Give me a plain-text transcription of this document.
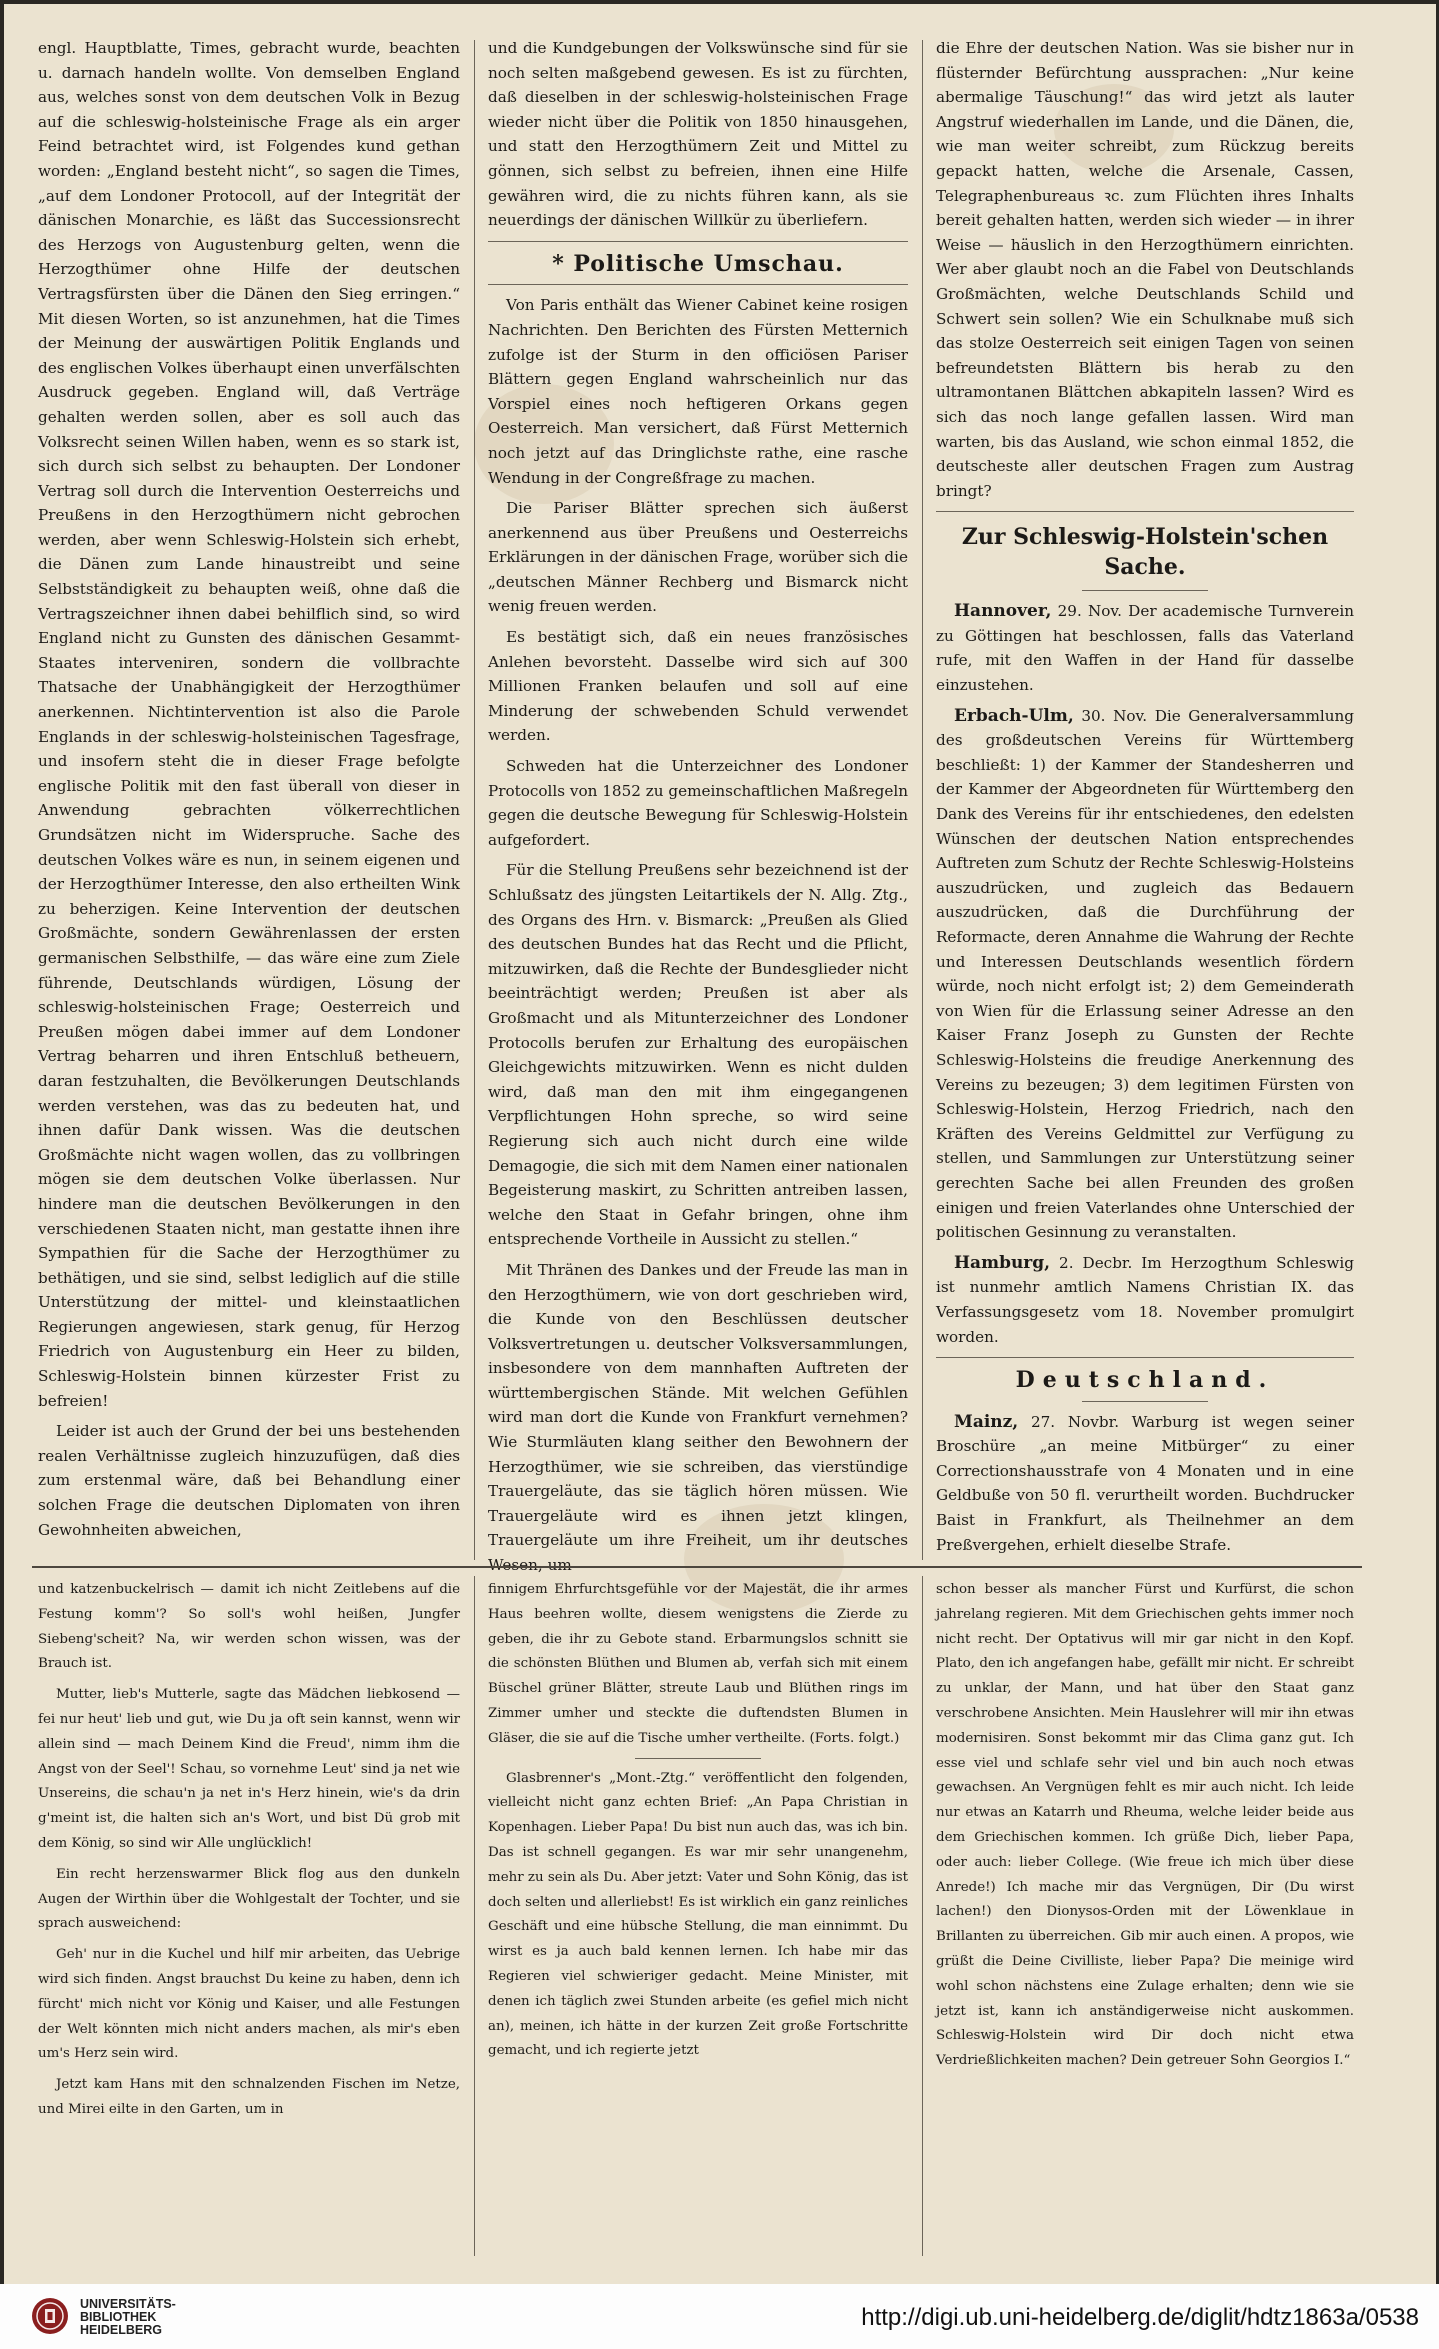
engl. Hauptblatte, Times, gebracht wurde, beachten u. darnach handeln wollte. Von demselben England aus, welches sonst von dem deutschen Volk in Bezug auf die schleswig-holsteinische Frage als ein arger Feind betrachtet wird, ist Folgendes kund gethan worden: „England besteht nicht“, so sagen die Times, „auf dem Londoner Protocoll, auf der Integrität der dänischen Monarchie, es läßt das Successionsrecht des Herzogs von Augustenburg gelten, wenn die Herzogthümer ohne Hilfe der deutschen Vertragsfürsten über die Dänen den Sieg erringen.“ Mit diesen Worten, so ist anzunehmen, hat die Times der Meinung der auswärtigen Politik Englands und des englischen Volkes überhaupt einen unverfälschten Ausdruck gegeben. England will, daß Verträge gehalten werden sollen, aber es soll auch das Volksrecht seinen Willen haben, wenn es so stark ist, sich durch sich selbst zu behaupten. Der Londoner Vertrag soll durch die Intervention Oesterreichs und Preußens in den Herzogthümern nicht gebrochen werden, aber wenn Schleswig-Holstein sich erhebt, die Dänen zum Lande hinaustreibt und seine Selbstständigkeit zu behaupten weiß, ohne daß die Vertragszeichner ihnen dabei behilflich sind, so wird England nicht zu Gunsten des dänischen Gesammt-Staates interveniren, sondern die vollbrachte Thatsache der Unabhängigkeit der Herzogthümer anerkennen. Nichtintervention ist also die Parole Englands in der schleswig-holsteinischen Tagesfrage, und insofern steht die in dieser Frage befolgte englische Politik mit den fast überall von dieser in Anwendung gebrachten völkerrechtlichen Grundsätzen nicht im Widerspruche. Sache des deutschen Volkes wäre es nun, in seinem eigenen und der Herzogthümer Interesse, den also ertheilten Wink zu beherzigen. Keine Intervention der deutschen Großmächte, sondern Gewährenlassen der ersten germanischen Selbsthilfe, — das wäre eine zum Ziele führende, Deutschlands würdigen, Lösung der schleswig-holsteinischen Frage; Oesterreich und Preußen mögen dabei immer auf dem Londoner Vertrag beharren und ihren Entschluß betheuern, daran festzuhalten, die Bevölkerungen Deutschlands werden verstehen, was das zu bedeuten hat, und ihnen dafür Dank wissen. Was die deutschen Großmächte nicht wagen wollen, das zu vollbringen mögen sie dem deutschen Volke überlassen. Nur hindere man die deutschen Bevölkerungen in den verschiedenen Staaten nicht, man gestatte ihnen ihre Sympathien für die Sache der Herzogthümer zu bethätigen, und sie sind, selbst lediglich auf die stille Unterstützung der mittel- und kleinstaatlichen Regierungen angewiesen, stark genug, für Herzog Friedrich von Augustenburg ein Heer zu bilden, Schleswig-Holstein binnen kürzester Frist zu befreien!

Leider ist auch der Grund der bei uns bestehenden realen Verhältnisse zugleich hinzuzufügen, daß dies zum erstenmal wäre, daß bei Behandlung einer solchen Frage die deutschen Diplomaten von ihren Gewohnheiten abweichen,

und die Kundgebungen der Volkswünsche sind für sie noch selten maßgebend gewesen. Es ist zu fürchten, daß dieselben in der schleswig-holsteinischen Frage wieder nicht über die Politik von 1850 hinausgehen, und statt den Herzogthümern Zeit und Mittel zu gönnen, sich selbst zu befreien, ihnen eine Hilfe gewähren wird, die zu nichts führen kann, als sie neuerdings der dänischen Willkür zu überliefern.

* Politische Umschau.

Von Paris enthält das Wiener Cabinet keine rosigen Nachrichten. Den Berichten des Fürsten Metternich zufolge ist der Sturm in den officiösen Pariser Blättern gegen England wahrscheinlich nur das Vorspiel eines noch heftigeren Orkans gegen Oesterreich. Man versichert, daß Fürst Metternich noch jetzt auf das Dringlichste rathe, eine rasche Wendung in der Congreßfrage zu machen.

Die Pariser Blätter sprechen sich äußerst anerkennend aus über Preußens und Oesterreichs Erklärungen in der dänischen Frage, worüber sich die „deutschen Männer Rechberg und Bismarck nicht wenig freuen werden.

Es bestätigt sich, daß ein neues französisches Anlehen bevorsteht. Dasselbe wird sich auf 300 Millionen Franken belaufen und soll auf eine Minderung der schwebenden Schuld verwendet werden.

Schweden hat die Unterzeichner des Londoner Protocolls von 1852 zu gemeinschaftlichen Maßregeln gegen die deutsche Bewegung für Schleswig-Holstein aufgefordert.

Für die Stellung Preußens sehr bezeichnend ist der Schlußsatz des jüngsten Leitartikels der N. Allg. Ztg., des Organs des Hrn. v. Bismarck: „Preußen als Glied des deutschen Bundes hat das Recht und die Pflicht, mitzuwirken, daß die Rechte der Bundesglieder nicht beeinträchtigt werden; Preußen ist aber als Großmacht und als Mitunterzeichner des Londoner Protocolls berufen zur Erhaltung des europäischen Gleichgewichts mitzuwirken. Wenn es nicht dulden wird, daß man den mit ihm eingegangenen Verpflichtungen Hohn spreche, so wird seine Regierung sich auch nicht durch eine wilde Demagogie, die sich mit dem Namen einer nationalen Begeisterung maskirt, zu Schritten antreiben lassen, welche den Staat in Gefahr bringen, ohne ihm entsprechende Vortheile in Aussicht zu stellen.“

Mit Thränen des Dankes und der Freude las man in den Herzogthümern, wie von dort geschrieben wird, die Kunde von den Beschlüssen deutscher Volksvertretungen u. deutscher Volksversammlungen, insbesondere von dem mannhaften Auftreten der württembergischen Stände. Mit welchen Gefühlen wird man dort die Kunde von Frankfurt vernehmen? Wie Sturmläuten klang seither den Bewohnern der Herzogthümer, wie sie schreiben, das vierstündige Trauergeläute, das sie täglich hören müssen. Wie Trauergeläute wird es ihnen jetzt klingen, Trauergeläute um ihre Freiheit, um ihr deutsches Wesen, um

die Ehre der deutschen Nation. Was sie bisher nur in flüsternder Befürchtung aussprachen: „Nur keine abermalige Täuschung!“ das wird jetzt als lauter Angstruf wiederhallen im Lande, und die Dänen, die, wie man weiter schreibt, zum Rückzug bereits gepackt hatten, welche die Arsenale, Cassen, Telegraphenbureaus ꝛc. zum Flüchten ihres Inhalts bereit gehalten hatten, werden sich wieder — in ihrer Weise — häuslich in den Herzogthümern einrichten. Wer aber glaubt noch an die Fabel von Deutschlands Großmächten, welche Deutschlands Schild und Schwert sein sollen? Wie ein Schulknabe muß sich das stolze Oesterreich seit einigen Tagen von seinen befreundetsten Blättern bis herab zu den ultramontanen Blättchen abkapiteln lassen? Wird es sich das noch lange gefallen lassen. Wird man warten, bis das Ausland, wie schon einmal 1852, die deutscheste aller deutschen Fragen zum Austrag bringt?

Zur Schleswig-Holstein'schen Sache.

Hannover, 29. Nov. Der academische Turnverein zu Göttingen hat beschlossen, falls das Vaterland rufe, mit den Waffen in der Hand für dasselbe einzustehen.

Erbach-Ulm, 30. Nov. Die Generalversammlung des großdeutschen Vereins für Württemberg beschließt: 1) der Kammer der Standesherren und der Kammer der Abgeordneten für Württemberg den Dank des Vereins für ihr entschiedenes, den edelsten Wünschen der deutschen Nation entsprechendes Auftreten zum Schutz der Rechte Schleswig-Holsteins auszudrücken, und zugleich das Bedauern auszudrücken, daß die Durchführung der Reformacte, deren Annahme die Wahrung der Rechte und Interessen Deutschlands wesentlich fördern würde, noch nicht erfolgt ist; 2) dem Gemeinderath von Wien für die Erlassung seiner Adresse an den Kaiser Franz Joseph zu Gunsten der Rechte Schleswig-Holsteins die freudige Anerkennung des Vereins zu bezeugen; 3) dem legitimen Fürsten von Schleswig-Holstein, Herzog Friedrich, nach den Kräften des Vereins Geldmittel zur Verfügung zu stellen, und Sammlungen zur Unterstützung seiner gerechten Sache bei allen Freunden des großen einigen und freien Vaterlandes ohne Unterschied der politischen Gesinnung zu veranstalten.

Hamburg, 2. Decbr. Im Herzogthum Schleswig ist nunmehr amtlich Namens Christian IX. das Verfassungsgesetz vom 18. November promulgirt worden.

Deutschland.

Mainz, 27. Novbr. Warburg ist wegen seiner Broschüre „an meine Mitbürger“ zu einer Correctionshausstrafe von 4 Monaten und in eine Geldbuße von 50 fl. verurtheilt worden. Buchdrucker Baist in Frankfurt, als Theilnehmer an dem Preßvergehen, erhielt dieselbe Strafe.

und katzenbuckelrisch — damit ich nicht Zeitlebens auf die Festung komm'? So soll's wohl heißen, Jungfer Siebeng'scheit? Na, wir werden schon wissen, was der Brauch ist.

Mutter, lieb's Mutterle, sagte das Mädchen liebkosend — fei nur heut' lieb und gut, wie Du ja oft sein kannst, wenn wir allein sind — mach Deinem Kind die Freud', nimm ihm die Angst von der Seel'! Schau, so vornehme Leut' sind ja net wie Unsereins, die schau'n ja net in's Herz hinein, wie's da drin g'meint ist, die halten sich an's Wort, und bist Dü grob mit dem König, so sind wir Alle unglücklich!

Ein recht herzenswarmer Blick flog aus den dunkeln Augen der Wirthin über die Wohlgestalt der Tochter, und sie sprach ausweichend:

Geh' nur in die Kuchel und hilf mir arbeiten, das Uebrige wird sich finden. Angst brauchst Du keine zu haben, denn ich fürcht' mich nicht vor König und Kaiser, und alle Festungen der Welt könnten mich nicht anders machen, als mir's eben um's Herz sein wird.

Jetzt kam Hans mit den schnalzenden Fischen im Netze, und Mirei eilte in den Garten, um in

finnigem Ehrfurchtsgefühle vor der Majestät, die ihr armes Haus beehren wollte, diesem wenigstens die Zierde zu geben, die ihr zu Gebote stand. Erbarmungslos schnitt sie die schönsten Blüthen und Blumen ab, verfah sich mit einem Büschel grüner Blätter, streute Laub und Blüthen rings im Zimmer umher und steckte die duftendsten Blumen in Gläser, die sie auf die Tische umher vertheilte. (Forts. folgt.)

Glasbrenner's „Mont.-Ztg.“ veröffentlicht den folgenden, vielleicht nicht ganz echten Brief: „An Papa Christian in Kopenhagen. Lieber Papa! Du bist nun auch das, was ich bin. Das ist schnell gegangen. Es war mir sehr unangenehm, mehr zu sein als Du. Aber jetzt: Vater und Sohn König, das ist doch selten und allerliebst! Es ist wirklich ein ganz reinliches Geschäft und eine hübsche Stellung, die man einnimmt. Du wirst es ja auch bald kennen lernen. Ich habe mir das Regieren viel schwieriger gedacht. Meine Minister, mit denen ich täglich zwei Stunden arbeite (es gefiel mich nicht an), meinen, ich hätte in der kurzen Zeit große Fortschritte gemacht, und ich regierte jetzt

schon besser als mancher Fürst und Kurfürst, die schon jahrelang regieren. Mit dem Griechischen gehts immer noch nicht recht. Der Optativus will mir gar nicht in den Kopf. Plato, den ich angefangen habe, gefällt mir nicht. Er schreibt zu unklar, der Mann, und hat über den Staat ganz verschrobene Ansichten. Mein Hauslehrer will mir ihn etwas modernisiren. Sonst bekommt mir das Clima ganz gut. Ich esse viel und schlafe sehr viel und bin auch noch etwas gewachsen. An Vergnügen fehlt es mir auch nicht. Ich leide nur etwas an Katarrh und Rheuma, welche leider beide aus dem Griechischen kommen. Ich grüße Dich, lieber Papa, oder auch: lieber College. (Wie freue ich mich über diese Anrede!) Ich mache mir das Vergnügen, Dir (Du wirst lachen!) den Dionysos-Orden mit der Löwenklaue in Brillanten zu überreichen. Gib mir auch einen. A propos, wie grüßt die Deine Civilliste, lieber Papa? Die meinige wird wohl schon nächstens eine Zulage erhalten; denn wie sie jetzt ist, kann ich anständigerweise nicht auskommen. Schleswig-Holstein wird Dir doch nicht etwa Verdrießlichkeiten machen? Dein getreuer Sohn Georgios I.“

UNIVERSITÄTS-
BIBLIOTHEK
HEIDELBERG	http://digi.ub.uni-heidelberg.de/diglit/hdtz1863a/0538
